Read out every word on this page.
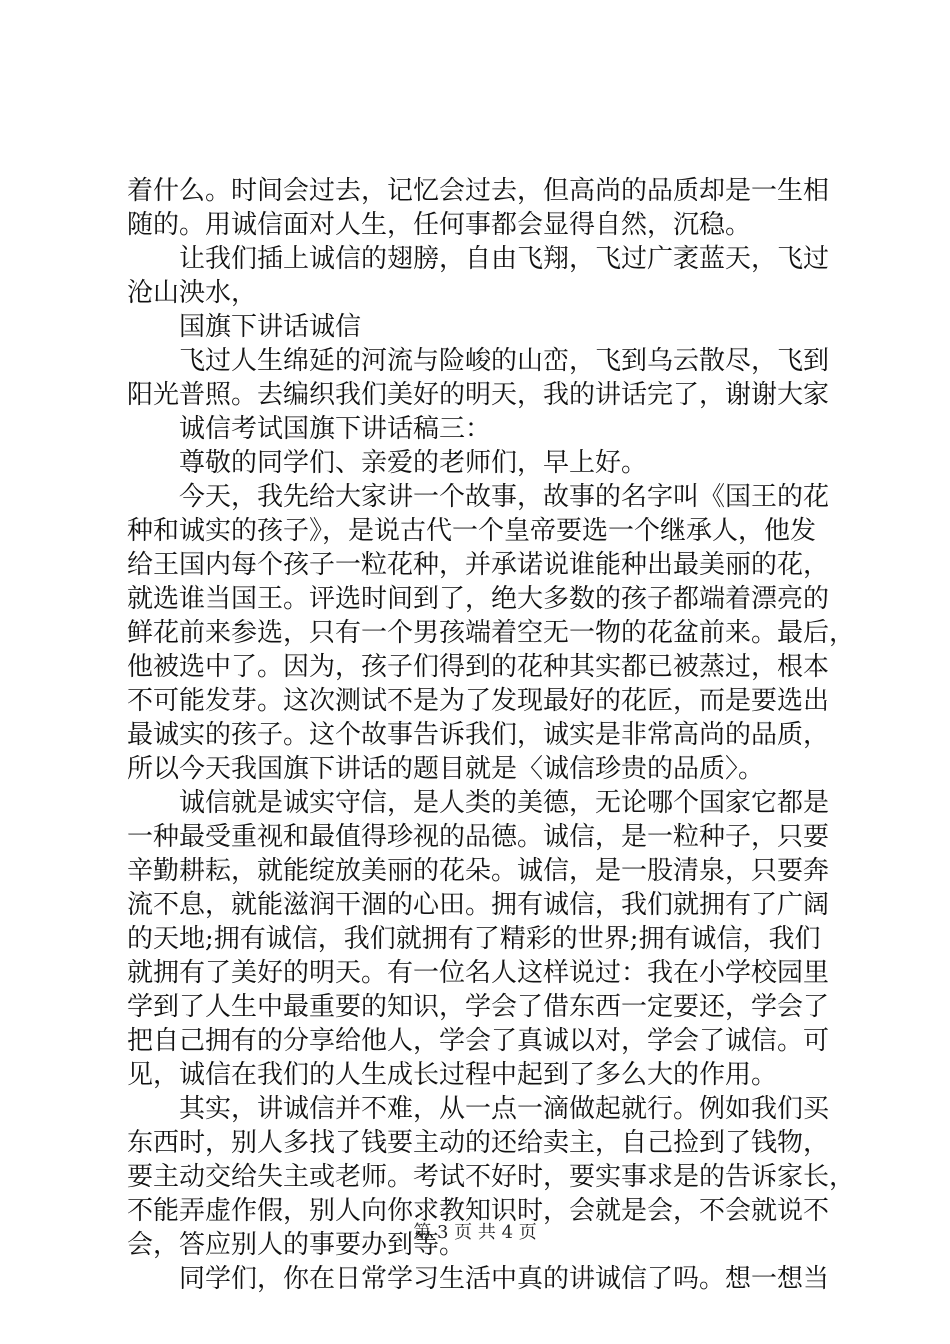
着什么。时间会过去，记忆会过去，但高尚的品质却是一生相

随的。用诚信面对人生，任何事都会显得自然，沉稳。

让我们插上诚信的翅膀，自由飞翔，飞过广袤蓝天，飞过

沧山泱水，

国旗下讲话诚信

飞过人生绵延的河流与险峻的山峦，飞到乌云散尽，飞到

阳光普照。去编织我们美好的明天，我的讲话完了，谢谢大家

诚信考试国旗下讲话稿三：

尊敬的同学们、亲爱的老师们，早上好。

今天，我先给大家讲一个故事，故事的名字叫《国王的花

种和诚实的孩子》，是说古代一个皇帝要选一个继承人，他发

给王国内每个孩子一粒花种，并承诺说谁能种出最美丽的花，

就选谁当国王。评选时间到了，绝大多数的孩子都端着漂亮的

鲜花前来参选，只有一个男孩端着空无一物的花盆前来。最后，

他被选中了。因为，孩子们得到的花种其实都已被蒸过，根本

不可能发芽。这次测试不是为了发现最好的花匠，而是要选出

最诚实的孩子。这个故事告诉我们，诚实是非常高尚的品质，

所以今天我国旗下讲话的题目就是〈诚信珍贵的品质〉。

诚信就是诚实守信，是人类的美德，无论哪个国家它都是

一种最受重视和最值得珍视的品德。诚信，是一粒种子，只要

辛勤耕耘，就能绽放美丽的花朵。诚信，是一股清泉，只要奔

流不息，就能滋润干涸的心田。拥有诚信，我们就拥有了广阔

的天地;拥有诚信，我们就拥有了精彩的世界;拥有诚信，我们

就拥有了美好的明天。有一位名人这样说过：我在小学校园里

学到了人生中最重要的知识，学会了借东西一定要还，学会了

把自己拥有的分享给他人，学会了真诚以对，学会了诚信。可

见，诚信在我们的人生成长过程中起到了多么大的作用。

其实，讲诚信并不难，从一点一滴做起就行。例如我们买

东西时，别人多找了钱要主动的还给卖主，自己捡到了钱物，

要主动交给失主或老师。考试不好时，要实事求是的告诉家长，

不能弄虚作假，别人向你求教知识时，会就是会，不会就说不

会，答应别人的事要办到等。

同学们，你在日常学习生活中真的讲诚信了吗。想一想当

第 3 页 共 4 页
